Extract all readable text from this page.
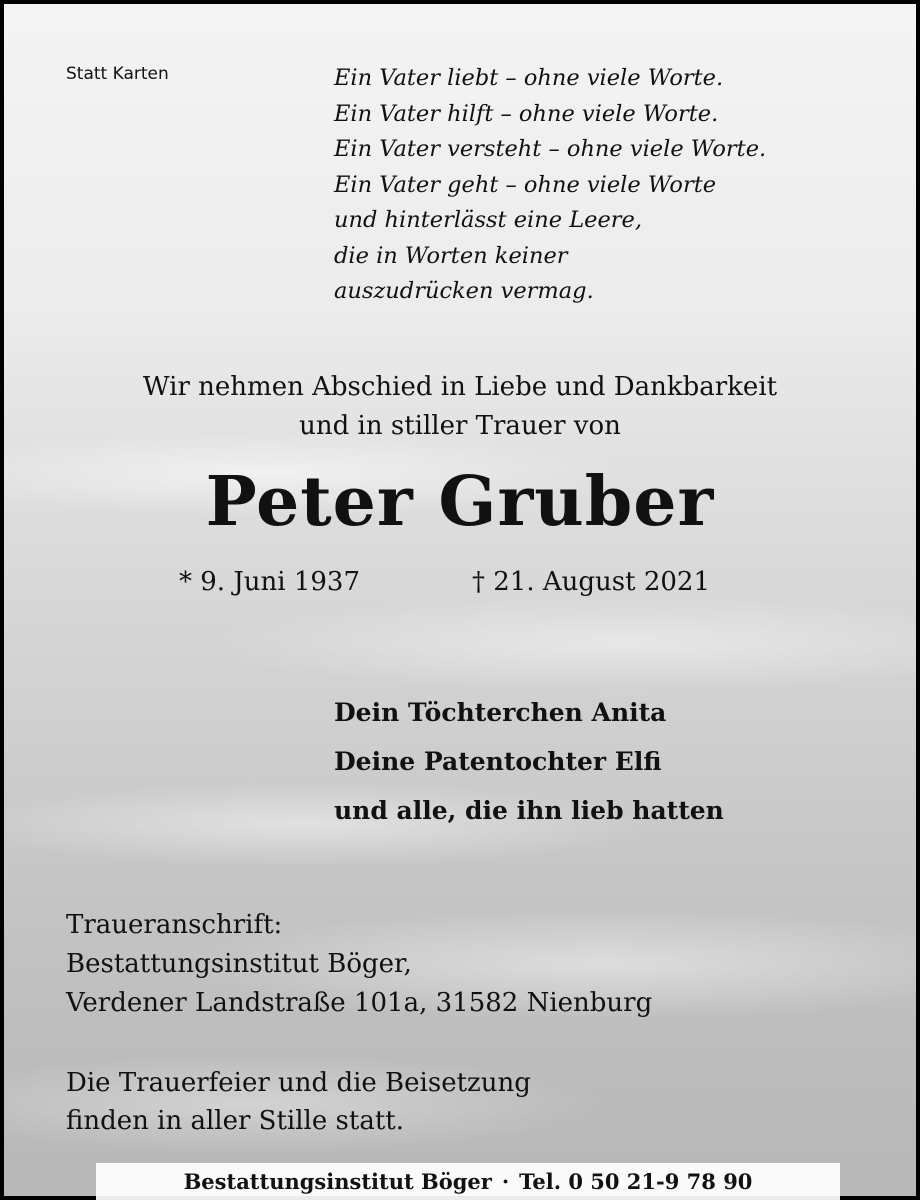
Statt Karten	Ein Vater liebt – ohne viele Worte.
Ein Vater hilft – ohne viele Worte.
Ein Vater versteht – ohne viele Worte.
Ein Vater geht – ohne viele Worte
und hinterlässt eine Leere,
die in Worten keiner
auszudrücken vermag.
Wir nehmen Abschied in Liebe und Dankbarkeit
und in stiller Trauer von
Peter Gruber
* 9. Juni 1937	† 21. August 2021
Dein Töchterchen Anita
Deine Patentochter Elfi
und alle, die ihn lieb hatten
Traueranschrift:
Bestattungsinstitut Böger,
Verdener Landstraße 101a, 31582 Nienburg
Die Trauerfeier und die Beisetzung
finden in aller Stille statt.
Bestattungsinstitut Böger · Tel. 0 50 21-9 78 90
